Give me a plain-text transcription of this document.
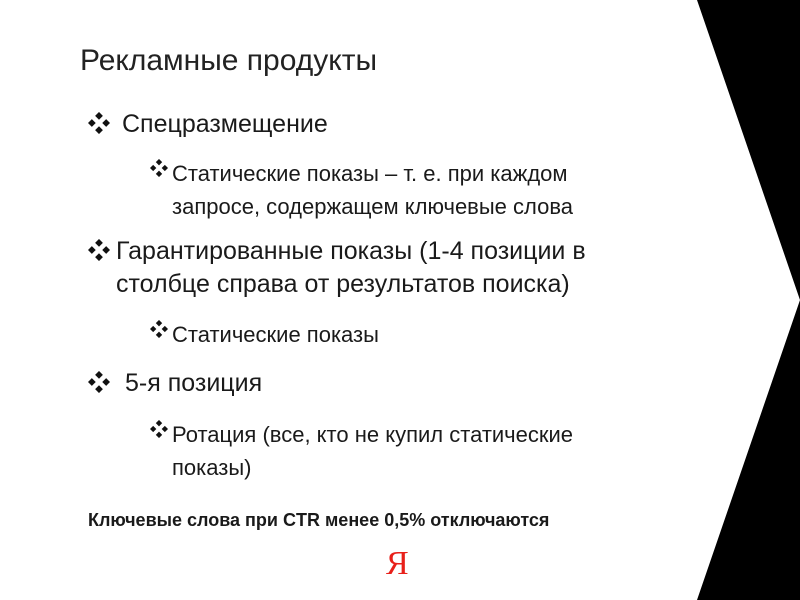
Рекламные продукты
Спецразмещение
Статические показы – т. е. при каждом
запросе, содержащем ключевые слова
Гарантированные показы (1-4 позиции в
столбце справа от результатов поиска)
Статические показы
5-я позиция
Ротация (все, кто не купил статические
показы)
Ключевые слова при CTR менее 0,5% отключаются
Я
